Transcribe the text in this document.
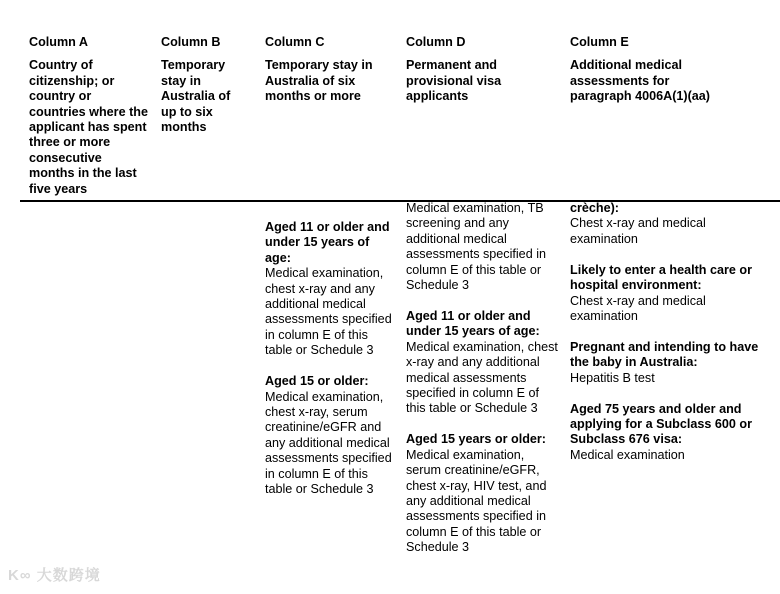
Column A
Country of citizenship; or country or countries where the applicant has spent three or more consecutive months in the last five years
Column B
Temporary stay in Australia of up to six months
Column C
Temporary stay in Australia of six months or more
Column D
Permanent and provisional visa applicants
Column E
Additional medical assessments for paragraph 4006A(1)(aa)
Aged 11 or older and under 15 years of age:
Medical examination, chest x-ray and any additional medical assessments specified in column E of this table or Schedule 3
Aged 15 or older:
Medical examination, chest x-ray, serum creatinine/eGFR and any additional medical assessments specified in column E of this table or Schedule 3
Medical examination, TB screening and any additional medical assessments specified in column E of this table or Schedule 3
Aged 11 or older and under 15 years of age:
Medical examination, chest x-ray and any additional medical assessments specified in column E of this table or Schedule 3
Aged 15 years or older:
Medical examination, serum creatinine/eGFR, chest x-ray, HIV test, and any additional medical assessments specified in column E of this table or Schedule 3
crèche):
Chest x-ray and medical examination
Likely to enter a health care or hospital environment:
Chest x-ray and medical examination
Pregnant and intending to have the baby in Australia:
Hepatitis B test
Aged 75 years and older and applying for a Subclass 600 or Subclass 676 visa:
Medical examination
K∞ 大数跨境
